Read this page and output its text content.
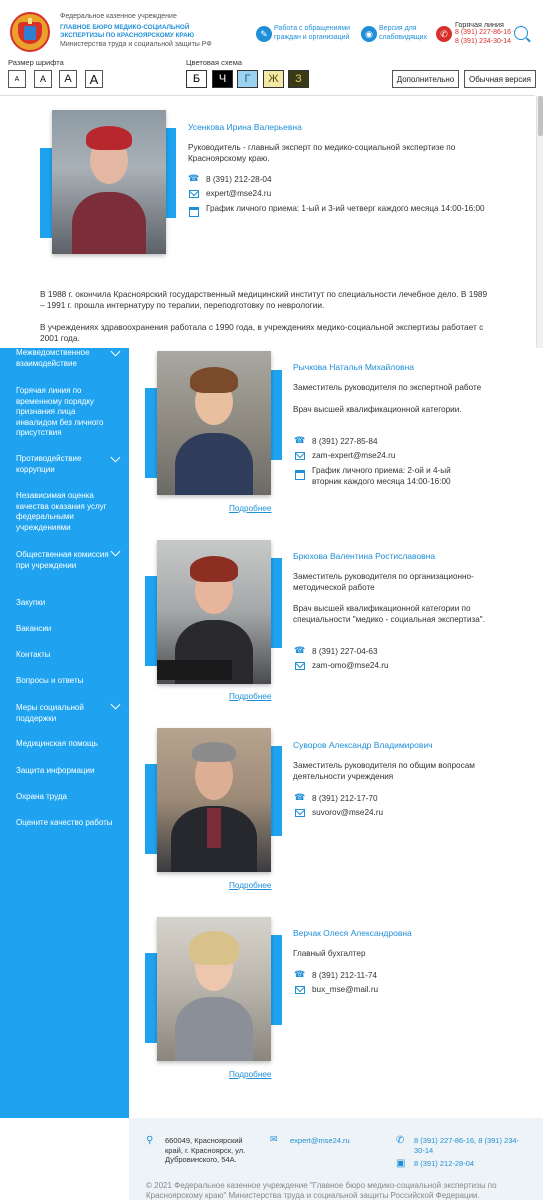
Федеральное казенное учреждение
ГЛАВНОЕ БЮРО МЕДИКО-СОЦИАЛЬНОЙ ЭКСПЕРТИЗЫ ПО КРАСНОЯРСКОМУ КРАЮ
Министерства труда и социальной защиты РФ
✎ Работа с обращениями граждан и организаций	◉ Версия для слабовидящих	✆
Горячая линия
8 (391) 227-86-16
8 (391) 234-30-14
Размер шрифта
А	А	А	А
Цветовая схема
Б	Ч	Г	Ж	З	Дополнительно	Обычная версия
Усенкова Ирина Валерьевна
Руководитель - главный эксперт по медико-социальной экспертизе по Красноярскому краю.
☎ 8 (391) 212-28-04
expert@mse24.ru
График личного приема: 1-ый и 3-ий четверг каждого месяца 14:00-16:00
В 1988 г. окончила Красноярский государственный медицинский институт по специальности лечебное дело. В 1989 – 1991 г. прошла интернатуру по терапии, переподготовку по неврологии.
В учреждениях здравоохранения работала с 1990 года, в учреждениях медико-социальной экспертизы работает с 2001 года.
Межведомственное взаимодействие
Горячая линия по временному порядку признания лица инвалидом без личного присутствия
Противодействие коррупции
Независимая оценка качества оказания услуг федеральными учреждениями
Общественная комиссия при учреждении
Закупки
Вакансии
Контакты
Вопросы и ответы
Меры социальной поддержки
Медицинская помощь
Защита информации
Охрана труда
Оцените качество работы
Рычкова Наталья Михайловна
Заместитель руководителя по экспертной работе
Врач высшей квалификационной категории.
☎ 8 (391) 227-85-84
zam-expert@mse24.ru
График личного приема: 2-ой и 4-ый вторник каждого месяца 14:00-16:00
Подробнее
Брюхова Валентина Ростиславовна
Заместитель руководителя по организационно-методической работе
Врач высшей квалификационной категории по специальности "медико - социальная экспертиза".
☎ 8 (391) 227-04-63
zam-omo@mse24.ru
Подробнее
Суворов Александр Владимирович
Заместитель руководителя по общим вопросам деятельности учреждения
☎ 8 (391) 212-17-70
suvorov@mse24.ru
Подробнее
Верчак Олеся Александровна
Главный бухгалтер
☎ 8 (391) 212-11-74
bux_mse@mail.ru
Подробнее
⚲ 660049, Красноярский край, г. Красноярск, ул. Дубровинского, 54А.
✉ expert@mse24.ru	✆ 8 (391) 227-86-16, 8 (391) 234-30-14
▣ 8 (391) 212-28-04
© 2021 Федеральное казенное учреждение "Главное бюро медико-социальной экспертизы по Красноярскому краю" Министерства труда и социальной защиты Российской Федерации.
